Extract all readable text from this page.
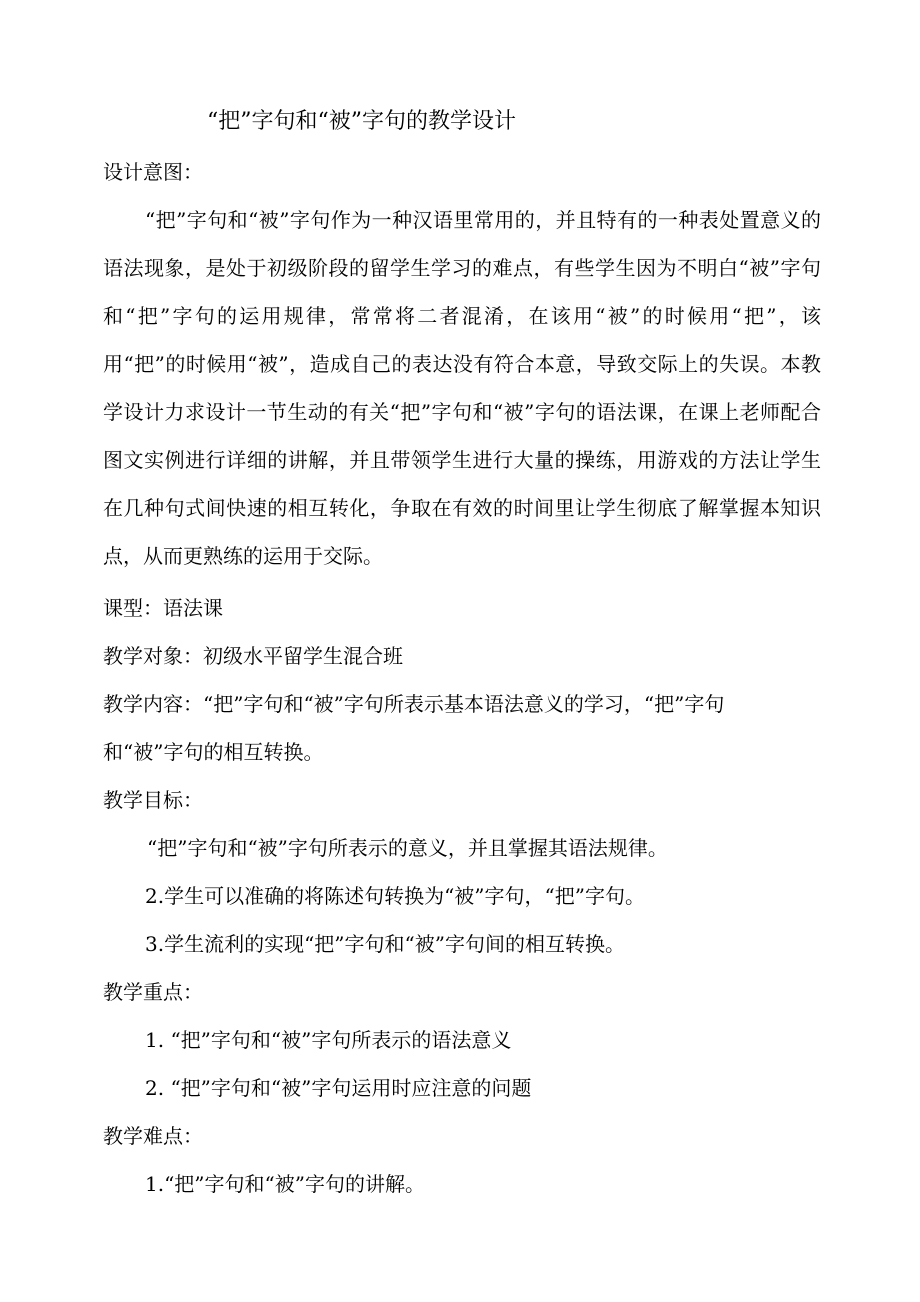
“把”字句和“被”字句的教学设计
设计意图：
“把”字句和“被”字句作为一种汉语里常用的，并且特有的一种表处置意义的语法现象，是处于初级阶段的留学生学习的难点，有些学生因为不明白“被”字句和“把”字句的运用规律，常常将二者混淆，在该用“被”的时候用“把”，该用“把”的时候用“被”，造成自己的表达没有符合本意，导致交际上的失误。本教学设计力求设计一节生动的有关“把”字句和“被”字句的语法课，在课上老师配合图文实例进行详细的讲解，并且带领学生进行大量的操练，用游戏的方法让学生在几种句式间快速的相互转化，争取在有效的时间里让学生彻底了解掌握本知识点，从而更熟练的运用于交际。
课型：语法课
教学对象：初级水平留学生混合班
教学内容：“把”字句和“被”字句所表示基本语法意义的学习，“把”字句
和“被”字句的相互转换。
教学目标：
“把”字句和“被”字句所表示的意义，并且掌握其语法规律。
2.学生可以准确的将陈述句转换为“被”字句，“把”字句。
3.学生流利的实现“把”字句和“被”字句间的相互转换。
教学重点：
1. “把”字句和“被”字句所表示的语法意义
2. “把”字句和“被”字句运用时应注意的问题
教学难点：
1.“把”字句和“被”字句的讲解。
